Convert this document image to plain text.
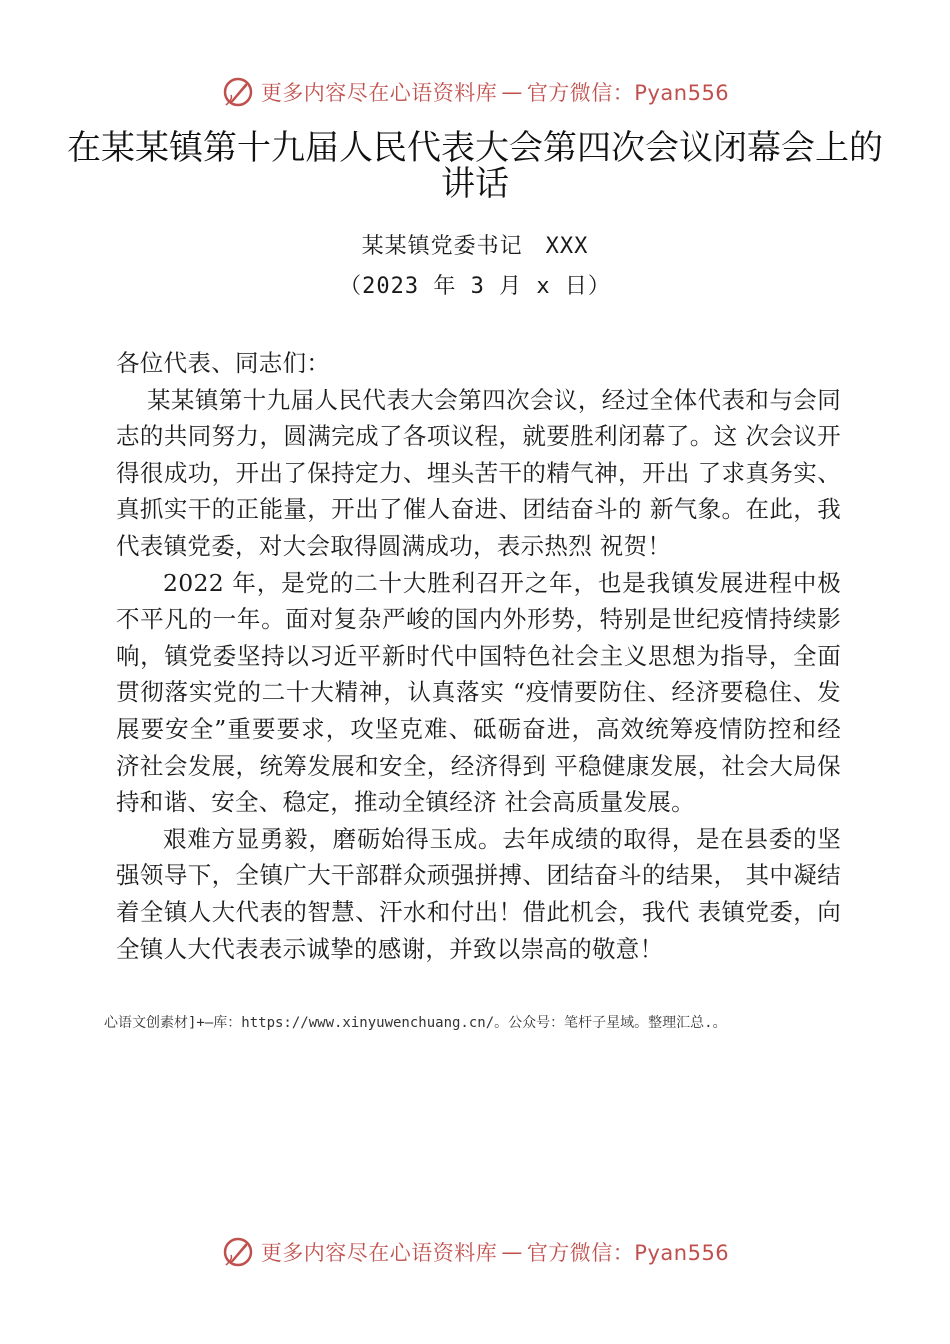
更多内容尽在心语资料库 — 官方微信：Pyan556
在某某镇第十九届人民代表大会第四次会议闭幕会上的讲话
某某镇党委书记　XXX
（2023 年 3 月 x 日）

各位代表、同志们：

某某镇第十九届人民代表大会第四次会议，经过全体代表和与会同志的共同努力，圆满完成了各项议程，就要胜利闭幕了。这 次会议开得很成功，开出了保持定力、埋头苦干的精气神，开出 了求真务实、真抓实干的正能量，开出了催人奋进、团结奋斗的 新气象。在此，我代表镇党委，对大会取得圆满成功，表示热烈 祝贺！

2022 年，是党的二十大胜利召开之年，也是我镇发展进程中极不平凡的一年。面对复杂严峻的国内外形势，特别是世纪疫情持续影响，镇党委坚持以习近平新时代中国特色社会主义思想为指导，全面贯彻落实党的二十大精神，认真落实 “疫情要防住、经济要稳住、发展要安全”重要要求，攻坚克难、砥砺奋进，高效统筹疫情防控和经济社会发展，统筹发展和安全，经济得到 平稳健康发展，社会大局保持和谐、安全、稳定，推动全镇经济 社会高质量发展。

艰难方显勇毅，磨砺始得玉成。去年成绩的取得，是在县委的坚强领导下，全镇广大干部群众顽强拼搏、团结奋斗的结果， 其中凝结着全镇人大代表的智慧、汗水和付出！借此机会，我代 表镇党委，向全镇人大代表表示诚挚的感谢，并致以崇高的敬意！

心语文创素材]+—库：https://www.xinyuwenchuang.cn/。公众号：笔杆子星域。整理汇总.。
更多内容尽在心语资料库 — 官方微信：Pyan556
